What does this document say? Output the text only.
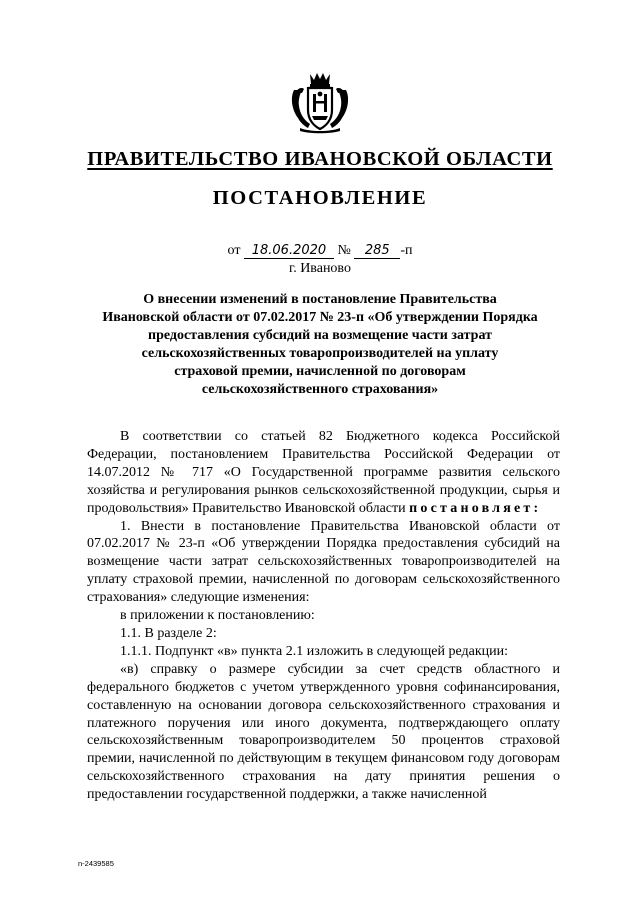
ПРАВИТЕЛЬСТВО ИВАНОВСКОЙ ОБЛАСТИ
ПОСТАНОВЛЕНИЕ
от 18.06.2020 № 285 -п
г. Иваново
О внесении изменений в постановление Правительства
Ивановской области от 07.02.2017 № 23-п «Об утверждении Порядка
предоставления субсидий на возмещение части затрат
сельскохозяйственных товаропроизводителей на уплату
страховой премии, начисленной по договорам
сельскохозяйственного страхования»

В соответствии со статьей 82 Бюджетного кодекса Российской Федерации, постановлением Правительства Российской Федерации от 14.07.2012 № 717 «О Государственной программе развития сельского хозяйства и регулирования рынков сельскохозяйственной продукции, сырья и продовольствия» Правительство Ивановской области постановляет:

1. Внести в постановление Правительства Ивановской области от 07.02.2017 № 23-п «Об утверждении Порядка предоставления субсидий на возмещение части затрат сельскохозяйственных товаропроизводителей на уплату страховой премии, начисленной по договорам сельскохозяйственного страхования» следующие изменения:

в приложении к постановлению:

1.1. В разделе 2:

1.1.1. Подпункт «в» пункта 2.1 изложить в следующей редакции:

«в) справку о размере субсидии за счет средств областного и федерального бюджетов с учетом утвержденного уровня софинансирования, составленную на основании договора сельскохозяйственного страхования и платежного поручения или иного документа, подтверждающего оплату сельскохозяйственным товаропроизводителем 50 процентов страховой премии, начисленной по действующим в текущем финансовом году договорам сельскохозяйственного страхования на дату принятия решения о предоставлении государственной поддержки, а также начисленной

n-2439585
